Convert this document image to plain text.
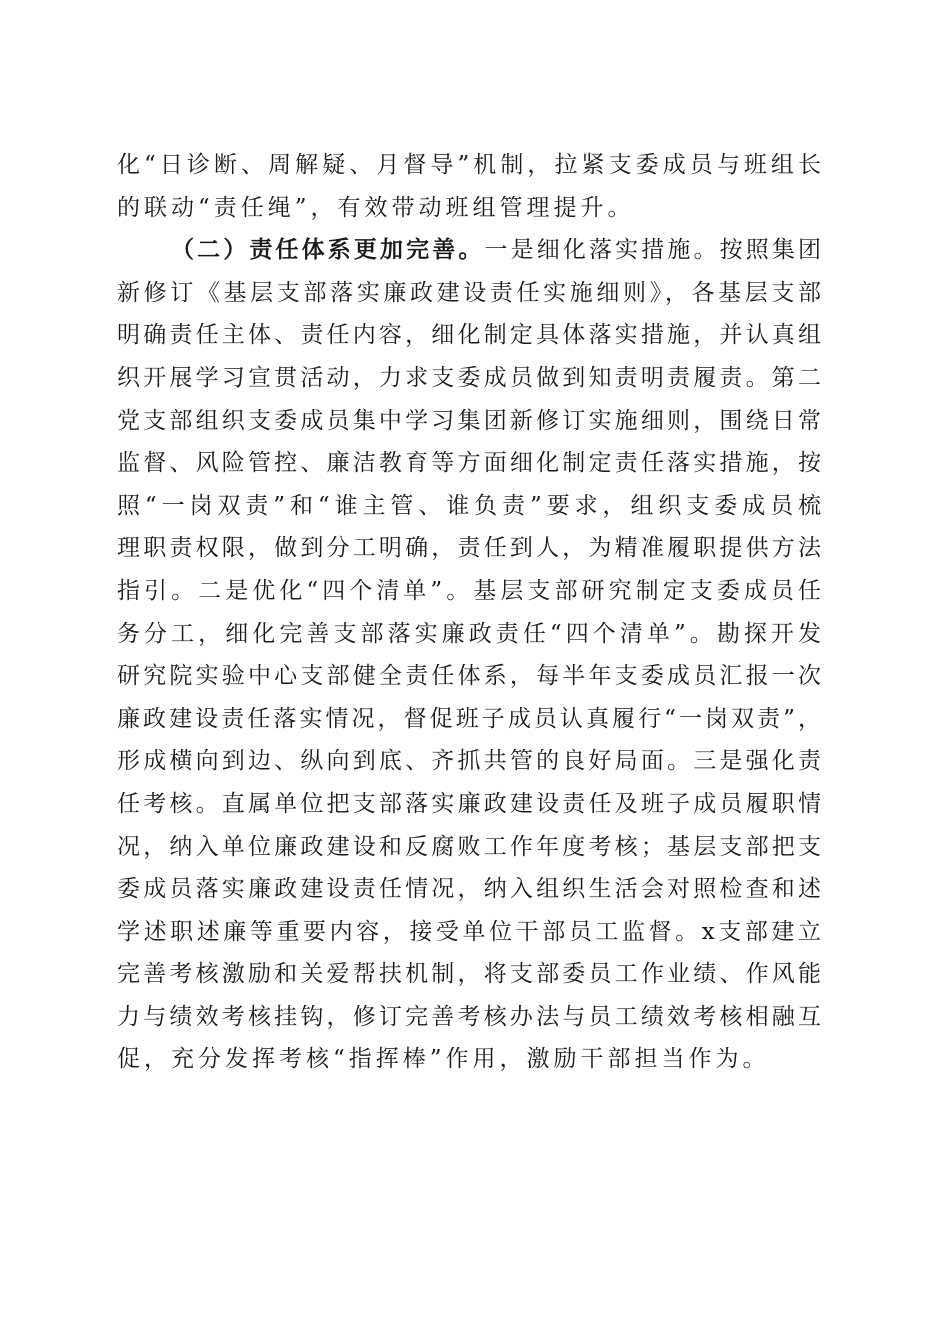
化“日诊断、周解疑、月督导”机制，拉紧支委成员与班组长
的联动“责任绳”，有效带动班组管理提升。
（二）责任体系更加完善。一是细化落实措施。按照集团
新修订《基层支部落实廉政建设责任实施细则》，各基层支部
明确责任主体、责任内容，细化制定具体落实措施，并认真组
织开展学习宣贯活动，力求支委成员做到知责明责履责。第二
党支部组织支委成员集中学习集团新修订实施细则，围绕日常
监督、风险管控、廉洁教育等方面细化制定责任落实措施，按
照“一岗双责”和“谁主管、谁负责”要求，组织支委成员梳
理职责权限，做到分工明确，责任到人，为精准履职提供方法
指引。二是优化“四个清单”。基层支部研究制定支委成员任
务分工，细化完善支部落实廉政责任“四个清单”。勘探开发
研究院实验中心支部健全责任体系，每半年支委成员汇报一次
廉政建设责任落实情况，督促班子成员认真履行“一岗双责”，
形成横向到边、纵向到底、齐抓共管的良好局面。三是强化责
任考核。直属单位把支部落实廉政建设责任及班子成员履职情
况，纳入单位廉政建设和反腐败工作年度考核；基层支部把支
委成员落实廉政建设责任情况，纳入组织生活会对照检查和述
学述职述廉等重要内容，接受单位干部员工监督。x支部建立
完善考核激励和关爱帮扶机制，将支部委员工作业绩、作风能
力与绩效考核挂钩，修订完善考核办法与员工绩效考核相融互
促，充分发挥考核“指挥棒”作用，激励干部担当作为。
